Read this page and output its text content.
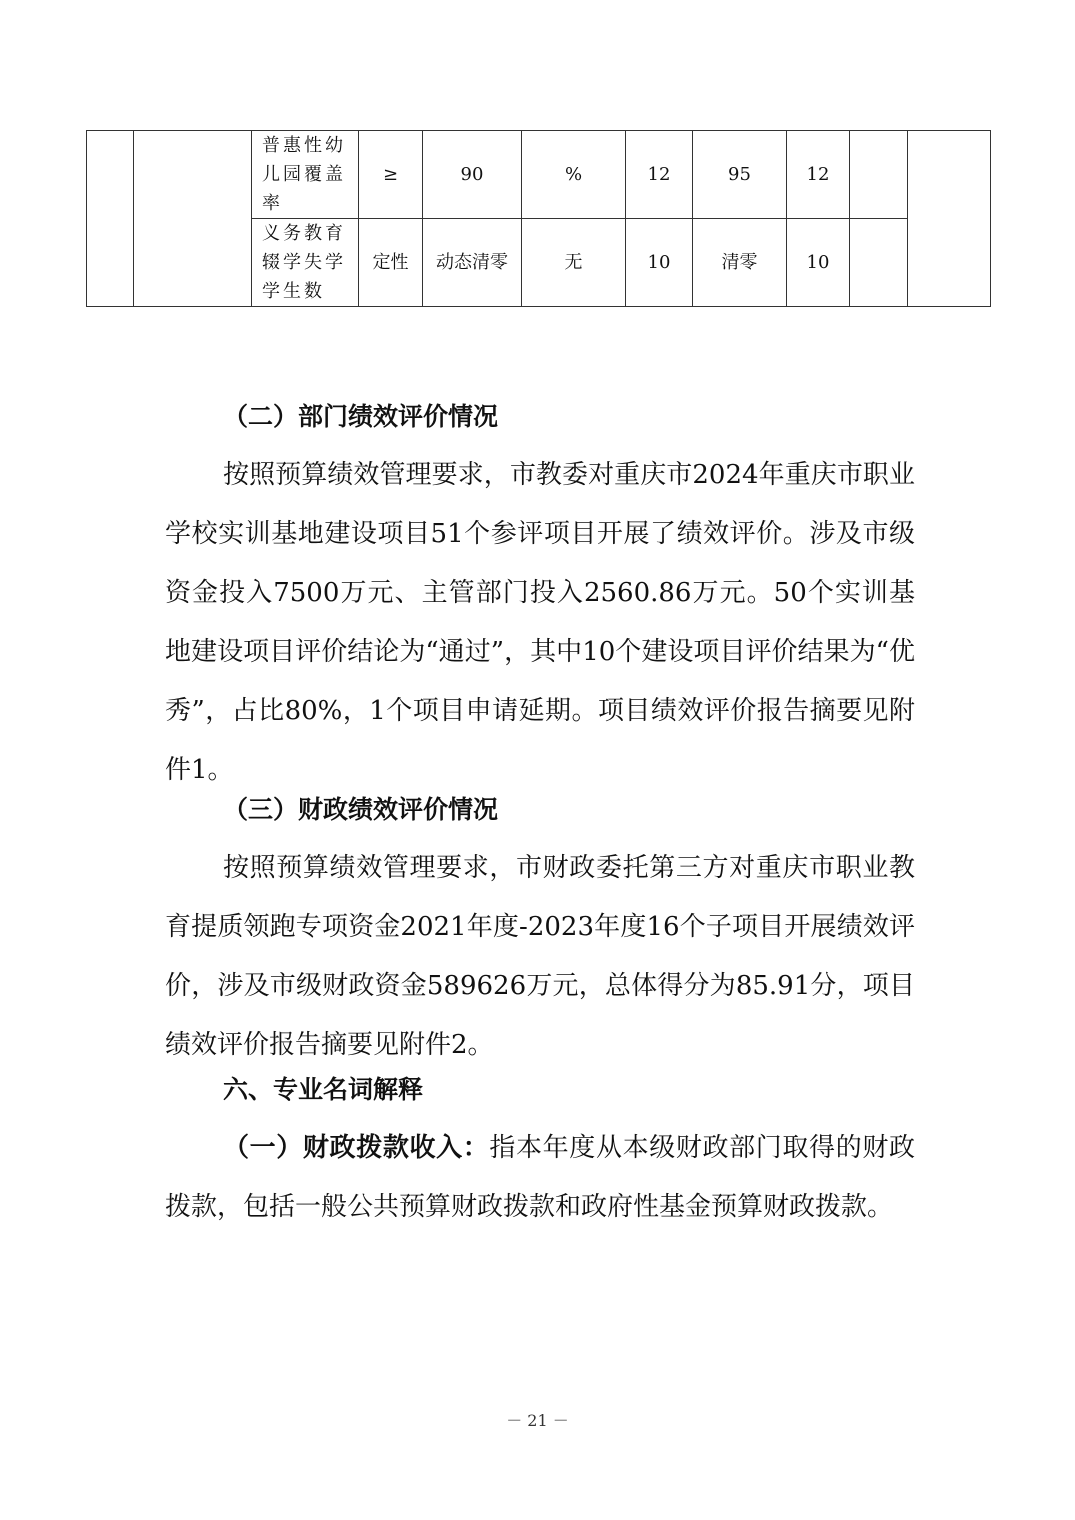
		普惠性幼儿园覆盖率	≥	90	%	12	95	12		
		义务教育辍学失学学生数	定性	动态清零	无	10	清零	10		
（二）部门绩效评价情况

按照预算绩效管理要求，市教委对重庆市2024年重庆市职业学校实训基地建设项目51个参评项目开展了绩效评价。涉及市级资金投入7500万元、主管部门投入2560.86万元。50个实训基地建设项目评价结论为“通过”，其中10个建设项目评价结果为“优秀”，占比80%，1个项目申请延期。项目绩效评价报告摘要见附件1。

（三）财政绩效评价情况

按照预算绩效管理要求，市财政委托第三方对重庆市职业教育提质领跑专项资金2021年度-2023年度16个子项目开展绩效评价，涉及市级财政资金589626万元，总体得分为85.91分，项目绩效评价报告摘要见附件2。

六、专业名词解释

（一）财政拨款收入：指本年度从本级财政部门取得的财政拨款，包括一般公共预算财政拨款和政府性基金预算财政拨款。

－ 21 －
